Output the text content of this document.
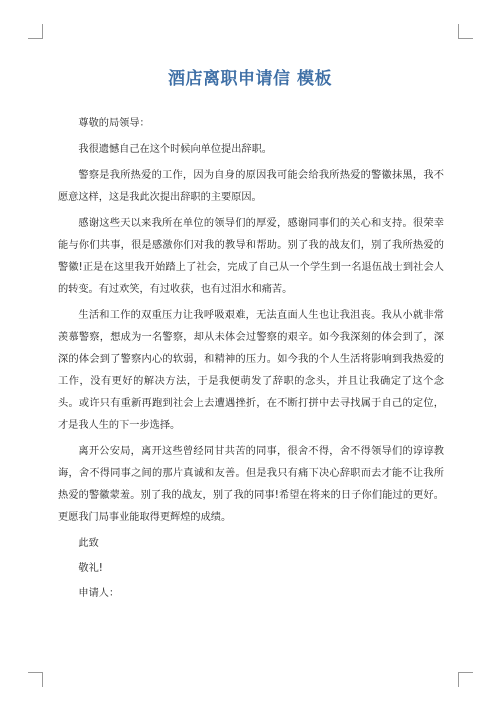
酒店离职申请信 模板

尊敬的局领导：

我很遗憾自己在这个时候向单位提出辞职。

警察是我所热爱的工作，因为自身的原因我可能会给我所热爱的警徽抹黑，我不愿意这样，这是我此次提出辞职的主要原因。

感谢这些天以来我所在单位的领导们的厚爱，感谢同事们的关心和支持。很荣幸能与你们共事，很是感激你们对我的教导和帮助。别了我的战友们，别了我所热爱的警徽!正是在这里我开始踏上了社会，完成了自己从一个学生到一名退伍战士到社会人的转变。有过欢笑，有过收获，也有过泪水和痛苦。

生活和工作的双重压力让我呼吸艰难，无法直面人生也让我沮丧。我从小就非常羡慕警察，想成为一名警察，却从未体会过警察的艰辛。如今我深刻的体会到了，深深的体会到了警察内心的软弱，和精神的压力。如今我的个人生活将影响到我热爱的工作，没有更好的解决方法，于是我便萌发了辞职的念头，并且让我确定了这个念头。或许只有重新再跑到社会上去遭遇挫折，在不断打拼中去寻找属于自己的定位，才是我人生的下一步选择。

离开公安局，离开这些曾经同甘共苦的同事，很舍不得，舍不得领导们的谆谆教诲，舍不得同事之间的那片真诚和友善。但是我只有痛下决心辞职而去才能不让我所热爱的警徽蒙羞。别了我的战友，别了我的同事!希望在将来的日子你们能过的更好。更愿我门局事业能取得更辉煌的成绩。

此致

敬礼!

申请人：
